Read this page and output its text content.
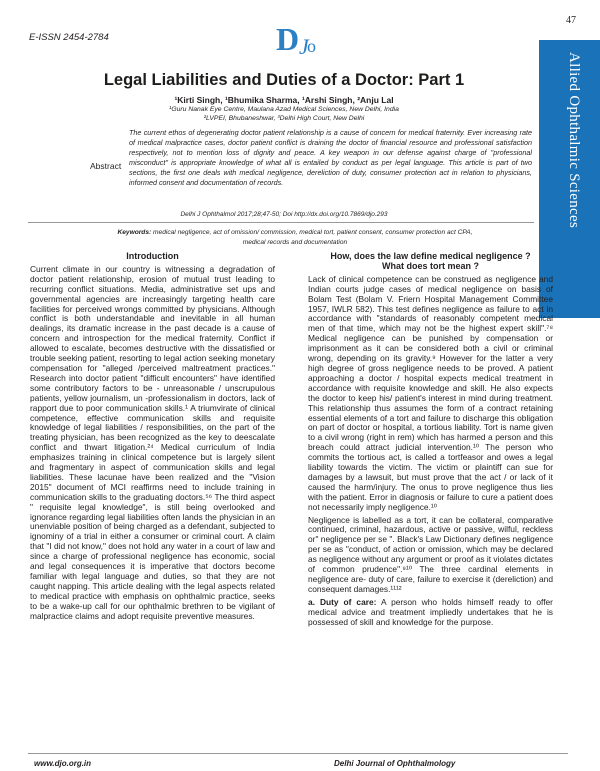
47
E-ISSN 2454-2784	D J
o
Allied Ophthalmic Sciences
Legal Liabilities and Duties of a Doctor: Part 1
¹Kirti Singh, ¹Bhumika Sharma, ¹Arshi Singh, ²Anju Lal
¹Guru Nanak Eye Centre, Maulana Azad Medical Sciences, New Delhi, India
²LVPEI, Bhubaneshwar, ³Delhi High Court, New Delhi
Abstract
The current ethos of degenerating doctor patient relationship is a cause of concern for medical fraternity. Ever increasing rate of medical malpractice cases, doctor patient conflict is draining the doctor of financial resource and professional satisfaction respectively, not to mention loss of dignity and peace. A key weapon in our defense against charge of "professional misconduct" is appropriate knowledge of what all is entailed by conduct as per legal language. This article is part of two sections, the first one deals with medical negligence, dereliction of duty, consumer protection act in relation to physicians, informed consent and documentation of records.
Delhi J Ophthalmol 2017;28;47-50; Doi http://dx.doi.org/10.7869/djo.293
Keywords: medical negligence, act of omission/ commission, medical tort, patient consent, consumer protection act CPA, medical records and documentation
Introduction

Current climate in our country is witnessing a degradation of doctor patient relationship, erosion of mutual trust leading to recurring conflict situations. Media, administrative set ups and governmental agencies are increasingly targeting health care facilities for perceived wrongs committed by physicians. Although conflict is both understandable and inevitable in all human dealings, its dramatic increase in the past decade is a cause of concern and introspection for the medical fraternity. Conflict if allowed to escalate, becomes destructive with the dissatisfied or trouble seeking patient, resorting to legal action seeking monetary compensation for "alleged /perceived maltreatment practices." Research into doctor patient "difficult encounters" have identified some contributory factors to be - unreasonable / unscrupulous patients, yellow journalism, un -professionalism in doctors, lack of rapport due to poor communication skills.¹ A triumvirate of clinical competence, effective communication skills and requisite knowledge of legal liabilities / responsibilities, on the part of the treating physician, has been recognized as the key to deescalate conflict and thwart litigation.²⁴ Medical curriculum of India emphasizes training in clinical competence but is largely silent and fragmentary in aspect of communication skills and legal liabilities. These lacunae have been realized and the "Vision 2015" document of MCI reaffirms need to include training in communication skills to the graduating doctors.⁵⁶ The third aspect " requisite legal knowledge", is still being overlooked and ignorance regarding legal liabilities often lands the physician in an unenviable position of being charged as a defendant, subjected to ignominy of a trial in either a consumer or criminal court. A claim that "I did not know," does not hold any water in a court of law and since a charge of professional negligence has economic, social and legal consequences it is imperative that doctors become familiar with legal language and duties, so that they are not caught napping. This article dealing with the legal aspects related to medical practice with emphasis on ophthalmic practice, seeks to be a wake-up call for our ophthalmic brethren to be vigilant of malpractice claims and adopt requisite preventive measures.

How, does the law define medical negligence ?
What does tort mean ?

Lack of clinical competence can be construed as negligence and Indian courts judge cases of medical negligence on basis of Bolam Test (Bolam V. Friern Hospital Management Committee 1957, IWLR 582). This test defines negligence as failure to act in accordance with "standards of reasonably competent medical men of that time, which may not be the highest expert skill".⁷⁸ Medical negligence can be punished by compensation or imprisonment as it can be considered both a civil or criminal wrong, depending on its gravity.⁹ However for the latter a very high degree of gross negligence needs to be proved. A patient approaching a doctor / hospital expects medical treatment in accordance with requisite knowledge and skill. He also expects the doctor to keep his/ patient's interest in mind during treatment. This relationship thus assumes the form of a contract retaining essential elements of a tort and failure to discharge this obligation on part of doctor or hospital, a tortious liability. Tort is name given to a civil wrong (right in rem) which has harmed a person and this breach could attract judicial intervention.¹⁰ The person who commits the tortious act, is called a tortfeasor and owes a legal liability towards the victim. The victim or plaintiff can sue for damages by a lawsuit, but must prove that the act / or lack of it caused the harm/injury. The onus to prove negligence thus lies with the patient. Error in diagnosis or failure to cure a patient does not necessarily imply negligence.¹⁰

Negligence is labelled as a tort, it can be collateral, comparative continued, criminal, hazardous, active or passive, wilful, reckless or" negligence per se ". Black's Law Dictionary defines negligence per se as "conduct, of action or omission, which may be declared as negligence without any argument or proof as it violates dictates of common prudence".⁹¹⁰ The three cardinal elements in negligence are- duty of care, failure to exercise it (dereliction) and consequent damages.¹¹¹²

a. Duty of care: A person who holds himself ready to offer medical advice and treatment impliedly undertakes that he is possessed of skill and knowledge for the purpose.

www.djo.org.in	Delhi Journal of Ophthalmology
